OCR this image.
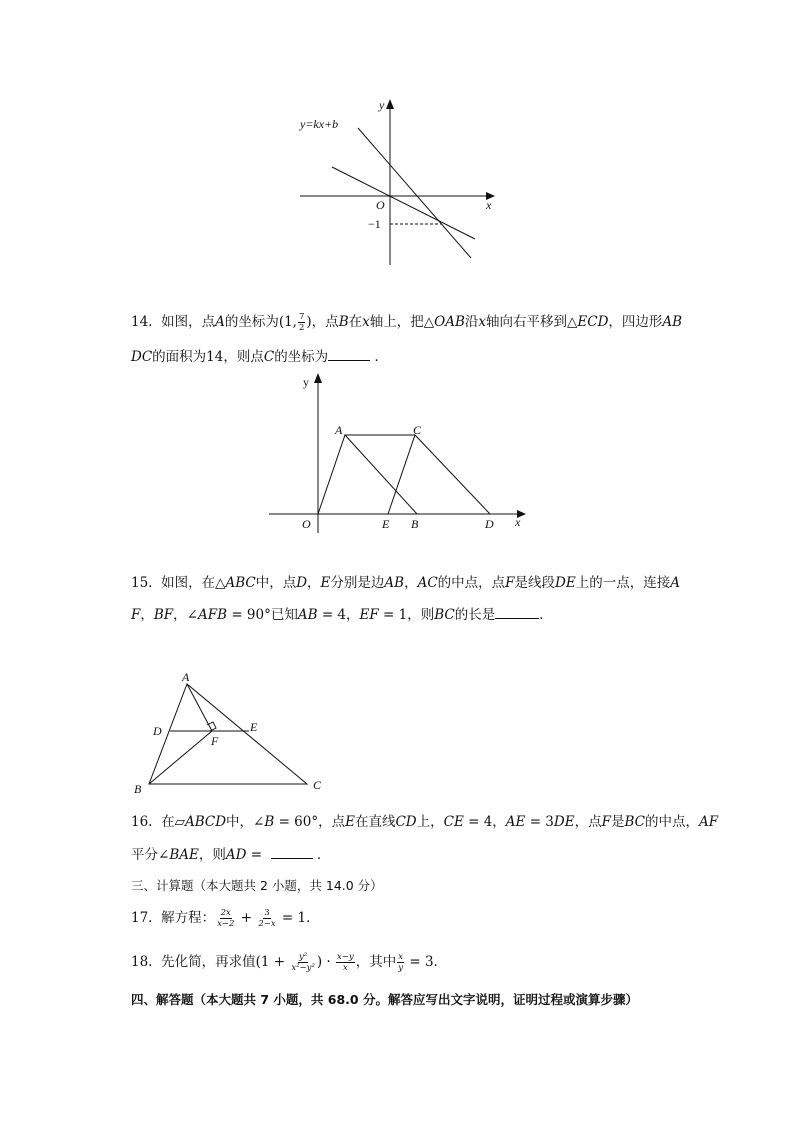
y
x
O
y=kx+b
−1
14. 如图，点A的坐标为(1, $\frac{7}{2}$ )，点B在x轴上，把△OAB沿x轴向右平移到△ECD，四边形AB
DC的面积为14，则点C的坐标为	．
y
x
O
A	C
E B	D
15. 如图，在△ABC中，点D，E分别是边AB，AC的中点，点F是线段DE上的一点，连接A
F，BF，∠AFB = 90°已知AB = 4，EF = 1，则BC的长是	．
A
D	E
F
B	C
16. 在▱ABCD中，∠B = 60°，点E在直线CD上，CE = 4，AE = 3DE，点F是BC的中点，AF
平分∠BAE，则AD =	．
三、计算题（本大题共 2 小题，共 14.0 分）
17. 解方程： $\frac{2x}{x-2} + \frac{3}{2-x} = 1$．
18. 先化简，再求值($1 + \frac{\text{y²}}{\text{x²−y²}}$ ) · $\frac{x-y}{x}$ ，其中 $\frac{x}{y} = 3$．
四、解答题（本大题共 7 小题，共 68.0 分。解答应写出文字说明，证明过程或演算步骤）
